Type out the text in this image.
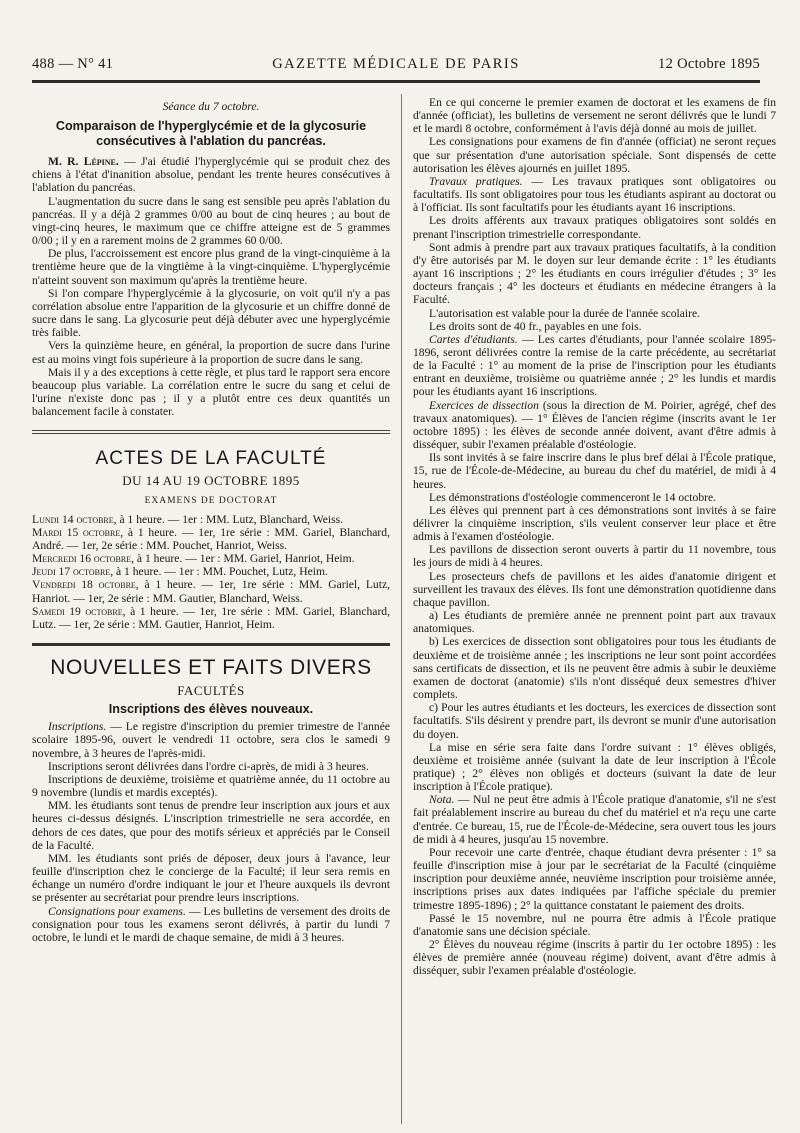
488 — N° 41	GAZETTE MÉDICALE DE PARIS	12 Octobre 1895

Séance du 7 octobre.

Comparaison de l'hyperglycémie et de la glycosurie consécutives à l'ablation du pancréas.

M. R. Lépine. — J'ai étudié l'hyperglycémie qui se produit chez des chiens à l'état d'inanition absolue, pendant les trente heures consécutives à l'ablation du pancréas.

L'augmentation du sucre dans le sang est sensible peu après l'ablation du pancréas. Il y a déjà 2 grammes 0/00 au bout de cinq heures ; au bout de vingt-cinq heures, le maximum que ce chiffre atteigne est de 5 grammes 0/00 ; il y en a rarement moins de 2 grammes 60 0/00.

De plus, l'accroissement est encore plus grand de la vingt-cinquième à la trentième heure que de la vingtième à la vingt-cinquième. L'hyperglycémie n'atteint souvent son maximum qu'après la trentième heure.

Si l'on compare l'hyperglycémie à la glycosurie, on voit qu'il n'y a pas corrélation absolue entre l'apparition de la glycosurie et un chiffre donné de sucre dans le sang. La glycosurie peut déjà débuter avec une hyperglycémie très faible.

Vers la quinzième heure, en général, la proportion de sucre dans l'urine est au moins vingt fois supérieure à la proportion de sucre dans le sang.

Mais il y a des exceptions à cette règle, et plus tard le rapport sera encore beaucoup plus variable. La corrélation entre le sucre du sang et celui de l'urine n'existe donc pas ; il y a plutôt entre ces deux quantités un balancement facile à constater.

ACTES DE LA FACULTÉ

DU 14 AU 19 OCTOBRE 1895

EXAMENS DE DOCTORAT

Lundi 14 octobre, à 1 heure. — 1er : MM. Lutz, Blanchard, Weiss.

Mardi 15 octobre, à 1 heure. — 1er, 1re série : MM. Gariel, Blanchard, André. — 1er, 2e série : MM. Pouchet, Hanriot, Weiss.

Mercredi 16 octobre, à 1 heure. — 1er : MM. Gariel, Hanriot, Heim.

Jeudi 17 octobre, à 1 heure. — 1er : MM. Pouchet, Lutz, Heim.

Vendredi 18 octobre, à 1 heure. — 1er, 1re série : MM. Gariel, Lutz, Hanriot. — 1er, 2e série : MM. Gautier, Blanchard, Weiss.

Samedi 19 octobre, à 1 heure. — 1er, 1re série : MM. Gariel, Blanchard, Lutz. — 1er, 2e série : MM. Gautier, Hanriot, Heim.

NOUVELLES ET FAITS DIVERS

FACULTÉS

Inscriptions des élèves nouveaux.

Inscriptions. — Le registre d'inscription du premier trimestre de l'année scolaire 1895-96, ouvert le vendredi 11 octobre, sera clos le samedi 9 novembre, à 3 heures de l'après-midi.

Inscriptions seront délivrées dans l'ordre ci-après, de midi à 3 heures.

Inscriptions de deuxième, troisième et quatrième année, du 11 octobre au 9 novembre (lundis et mardis exceptés).

MM. les étudiants sont tenus de prendre leur inscription aux jours et aux heures ci-dessus désignés. L'inscription trimestrielle ne sera accordée, en dehors de ces dates, que pour des motifs sérieux et appréciés par le Conseil de la Faculté.

MM. les étudiants sont priés de déposer, deux jours à l'avance, leur feuille d'inscription chez le concierge de la Faculté; il leur sera remis en échange un numéro d'ordre indiquant le jour et l'heure auxquels ils devront se présenter au secrétariat pour prendre leurs inscriptions.

Consignations pour examens. — Les bulletins de versement des droits de consignation pour tous les examens seront délivrés, à partir du lundi 7 octobre, le lundi et le mardi de chaque semaine, de midi à 3 heures.

En ce qui concerne le premier examen de doctorat et les examens de fin d'année (officiat), les bulletins de versement ne seront délivrés que le lundi 7 et le mardi 8 octobre, conformément à l'avis déjà donné au mois de juillet.

Les consignations pour examens de fin d'année (officiat) ne seront reçues que sur présentation d'une autorisation spéciale. Sont dispensés de cette autorisation les élèves ajournés en juillet 1895.

Travaux pratiques. — Les travaux pratiques sont obligatoires ou facultatifs. Ils sont obligatoires pour tous les étudiants aspirant au doctorat ou à l'officiat. Ils sont facultatifs pour les étudiants ayant 16 inscriptions.

Les droits afférents aux travaux pratiques obligatoires sont soldés en prenant l'inscription trimestrielle correspondante.

Sont admis à prendre part aux travaux pratiques facultatifs, à la condition d'y être autorisés par M. le doyen sur leur demande écrite : 1° les étudiants ayant 16 inscriptions ; 2° les étudiants en cours irrégulier d'études ; 3° les docteurs français ; 4° les docteurs et étudiants en médecine étrangers à la Faculté.

L'autorisation est valable pour la durée de l'année scolaire.

Les droits sont de 40 fr., payables en une fois.

Cartes d'étudiants. — Les cartes d'étudiants, pour l'année scolaire 1895-1896, seront délivrées contre la remise de la carte précédente, au secrétariat de la Faculté : 1° au moment de la prise de l'inscription pour les étudiants entrant en deuxième, troisième ou quatrième année ; 2° les lundis et mardis pour les étudiants ayant 16 inscriptions.

Exercices de dissection (sous la direction de M. Poirier, agrégé, chef des travaux anatomiques). — 1° Élèves de l'ancien régime (inscrits avant le 1er octobre 1895) : les élèves de seconde année doivent, avant d'être admis à disséquer, subir l'examen préalable d'ostéologie.

Ils sont invités à se faire inscrire dans le plus bref délai à l'École pratique, 15, rue de l'École-de-Médecine, au bureau du chef du matériel, de midi à 4 heures.

Les démonstrations d'ostéologie commenceront le 14 octobre.

Les élèves qui prennent part à ces démonstrations sont invités à se faire délivrer la cinquième inscription, s'ils veulent conserver leur place et être admis à l'examen d'ostéologie.

Les pavillons de dissection seront ouverts à partir du 11 novembre, tous les jours de midi à 4 heures.

Les prosecteurs chefs de pavillons et les aides d'anatomie dirigent et surveillent les travaux des élèves. Ils font une démonstration quotidienne dans chaque pavillon.

a) Les étudiants de première année ne prennent point part aux travaux anatomiques.

b) Les exercices de dissection sont obligatoires pour tous les étudiants de deuxième et de troisième année ; les inscriptions ne leur sont point accordées sans certificats de dissection, et ils ne peuvent être admis à subir le deuxième examen de doctorat (anatomie) s'ils n'ont disséqué deux semestres d'hiver complets.

c) Pour les autres étudiants et les docteurs, les exercices de dissection sont facultatifs. S'ils désirent y prendre part, ils devront se munir d'une autorisation du doyen.

La mise en série sera faite dans l'ordre suivant : 1° élèves obligés, deuxième et troisième année (suivant la date de leur inscription à l'École pratique) ; 2° élèves non obligés et docteurs (suivant la date de leur inscription à l'École pratique).

Nota. — Nul ne peut être admis à l'École pratique d'anatomie, s'il ne s'est fait préalablement inscrire au bureau du chef du matériel et n'a reçu une carte d'entrée. Ce bureau, 15, rue de l'École-de-Médecine, sera ouvert tous les jours de midi à 4 heures, jusqu'au 15 novembre.

Pour recevoir une carte d'entrée, chaque étudiant devra présenter : 1° sa feuille d'inscription mise à jour par le secrétariat de la Faculté (cinquième inscription pour deuxième année, neuvième inscription pour troisième année, inscriptions prises aux dates indiquées par l'affiche spéciale du premier trimestre 1895-1896) ; 2° la quittance constatant le paiement des droits.

Passé le 15 novembre, nul ne pourra être admis à l'École pratique d'anatomie sans une décision spéciale.

2° Élèves du nouveau régime (inscrits à partir du 1er octobre 1895) : les élèves de première année (nouveau régime) doivent, avant d'être admis à disséquer, subir l'examen préalable d'ostéologie.
